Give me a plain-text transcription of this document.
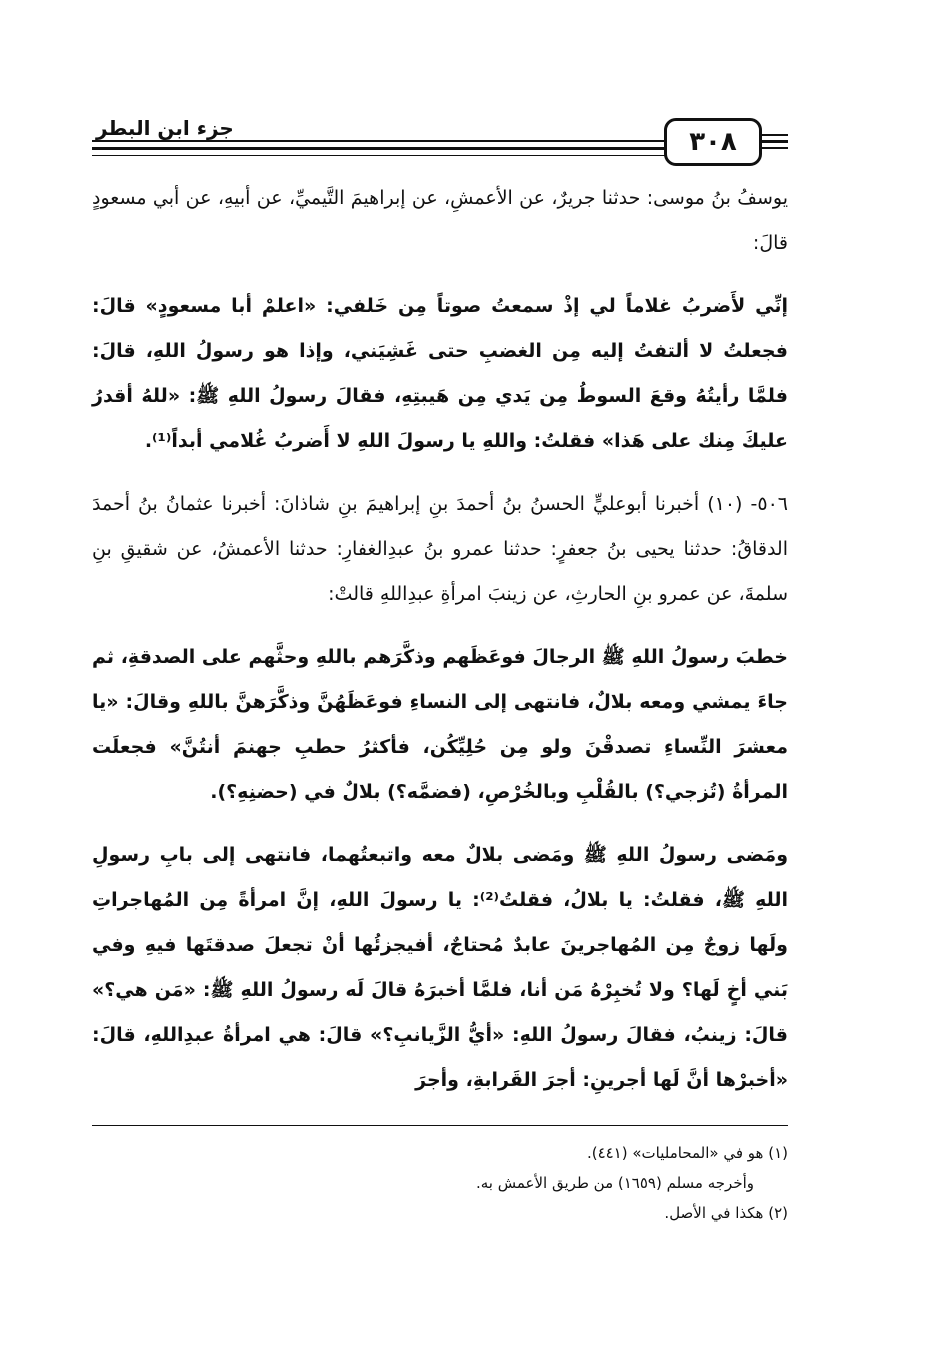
جزء ابن البطر	٣٠٨

يوسفُ بنُ موسى: حدثنا جريرٌ، عن الأعمشِ، عن إبراهيمَ التَّيميِّ، عن أبيهِ، عن أبي مسعودٍ قالَ:

إنِّي لأَضربُ غلاماً لي إذْ سمعتُ صوتاً مِن خَلفي: «اعلمْ أبا مسعودٍ» قالَ: فجعلتُ لا ألتفتُ إليه مِن الغضبِ حتى غَشِيَني، وإذا هو رسولُ اللهِ، قالَ: فلمَّا رأيتُهُ وقعَ السوطُ مِن يَدي مِن هَيبتِهِ، فقالَ رسولُ اللهِ ﷺ: «للهُ أقدرُ عليكَ مِنك على هَذا» فقلتُ: واللهِ يا رسولَ اللهِ لا أَضربُ غُلامي أبداً⁽¹⁾.

٥٠٦- (١٠) أخبرنا أبوعليٍّ الحسنُ بنُ أحمدَ بنِ إبراهيمَ بنِ شاذانَ: أخبرنا عثمانُ بنُ أحمدَ الدقاقُ: حدثنا يحيى بنُ جعفرٍ: حدثنا عمرو بنُ عبدِالغفارِ: حدثنا الأعمشُ، عن شقيقِ بنِ سلمةَ، عن عمرو بنِ الحارثِ، عن زينبَ امرأةِ عبدِاللهِ قالتْ:

خطبَ رسولُ اللهِ ﷺ الرجالَ فوعَظَهم وذكَّرَهم باللهِ وحثَّهم على الصدقةِ، ثم جاءَ يمشي ومعه بلالٌ، فانتهى إلى النساءِ فوعَظَهُنَّ وذكَّرَهنَّ باللهِ وقالَ: «يا معشرَ النِّساءِ تصدقْنَ ولو مِن حُلِيِّكُن، فأكثرُ حطبِ جهنمَ أنتُنَّ» فجعلَت المرأةُ (تُزجي؟) بالقُلْبِ وبالخُرْصِ، (فضمَّه؟) بلالٌ في (حضنِهِ؟).

ومَضى رسولُ اللهِ ﷺ ومَضى بلالٌ معه واتبعتُهما، فانتهى إلى بابِ رسولِ اللهِ ﷺ، فقلتُ: يا بلالُ، فقلتُ⁽²⁾: يا رسولَ اللهِ، إنَّ امرأةً مِن المُهاجراتِ ولَها زوجٌ مِن المُهاجرينَ عابدٌ مُحتاجٌ، أفيجزئُها أنْ تجعلَ صدقتَها فيهِ وفي بَني أخٍ لَها؟ ولا تُخبِرْهُ مَن أنا، فلمَّا أخبرَهُ قالَ لَه رسولُ اللهِ ﷺ: «مَن هي؟» قالَ: زينبُ، فقالَ رسولُ اللهِ: «أيُّ الزَّيانبِ؟» قالَ: هي امرأةُ عبدِاللهِ، قالَ: «أخبرْها أنَّ لَها أجرينِ: أجرَ القَرابةِ، وأجرَ

(١) هو في «المحامليات» (٤٤١).
وأخرجه مسلم (١٦٥٩) من طريق الأعمش به.
(٢) هكذا في الأصل.
